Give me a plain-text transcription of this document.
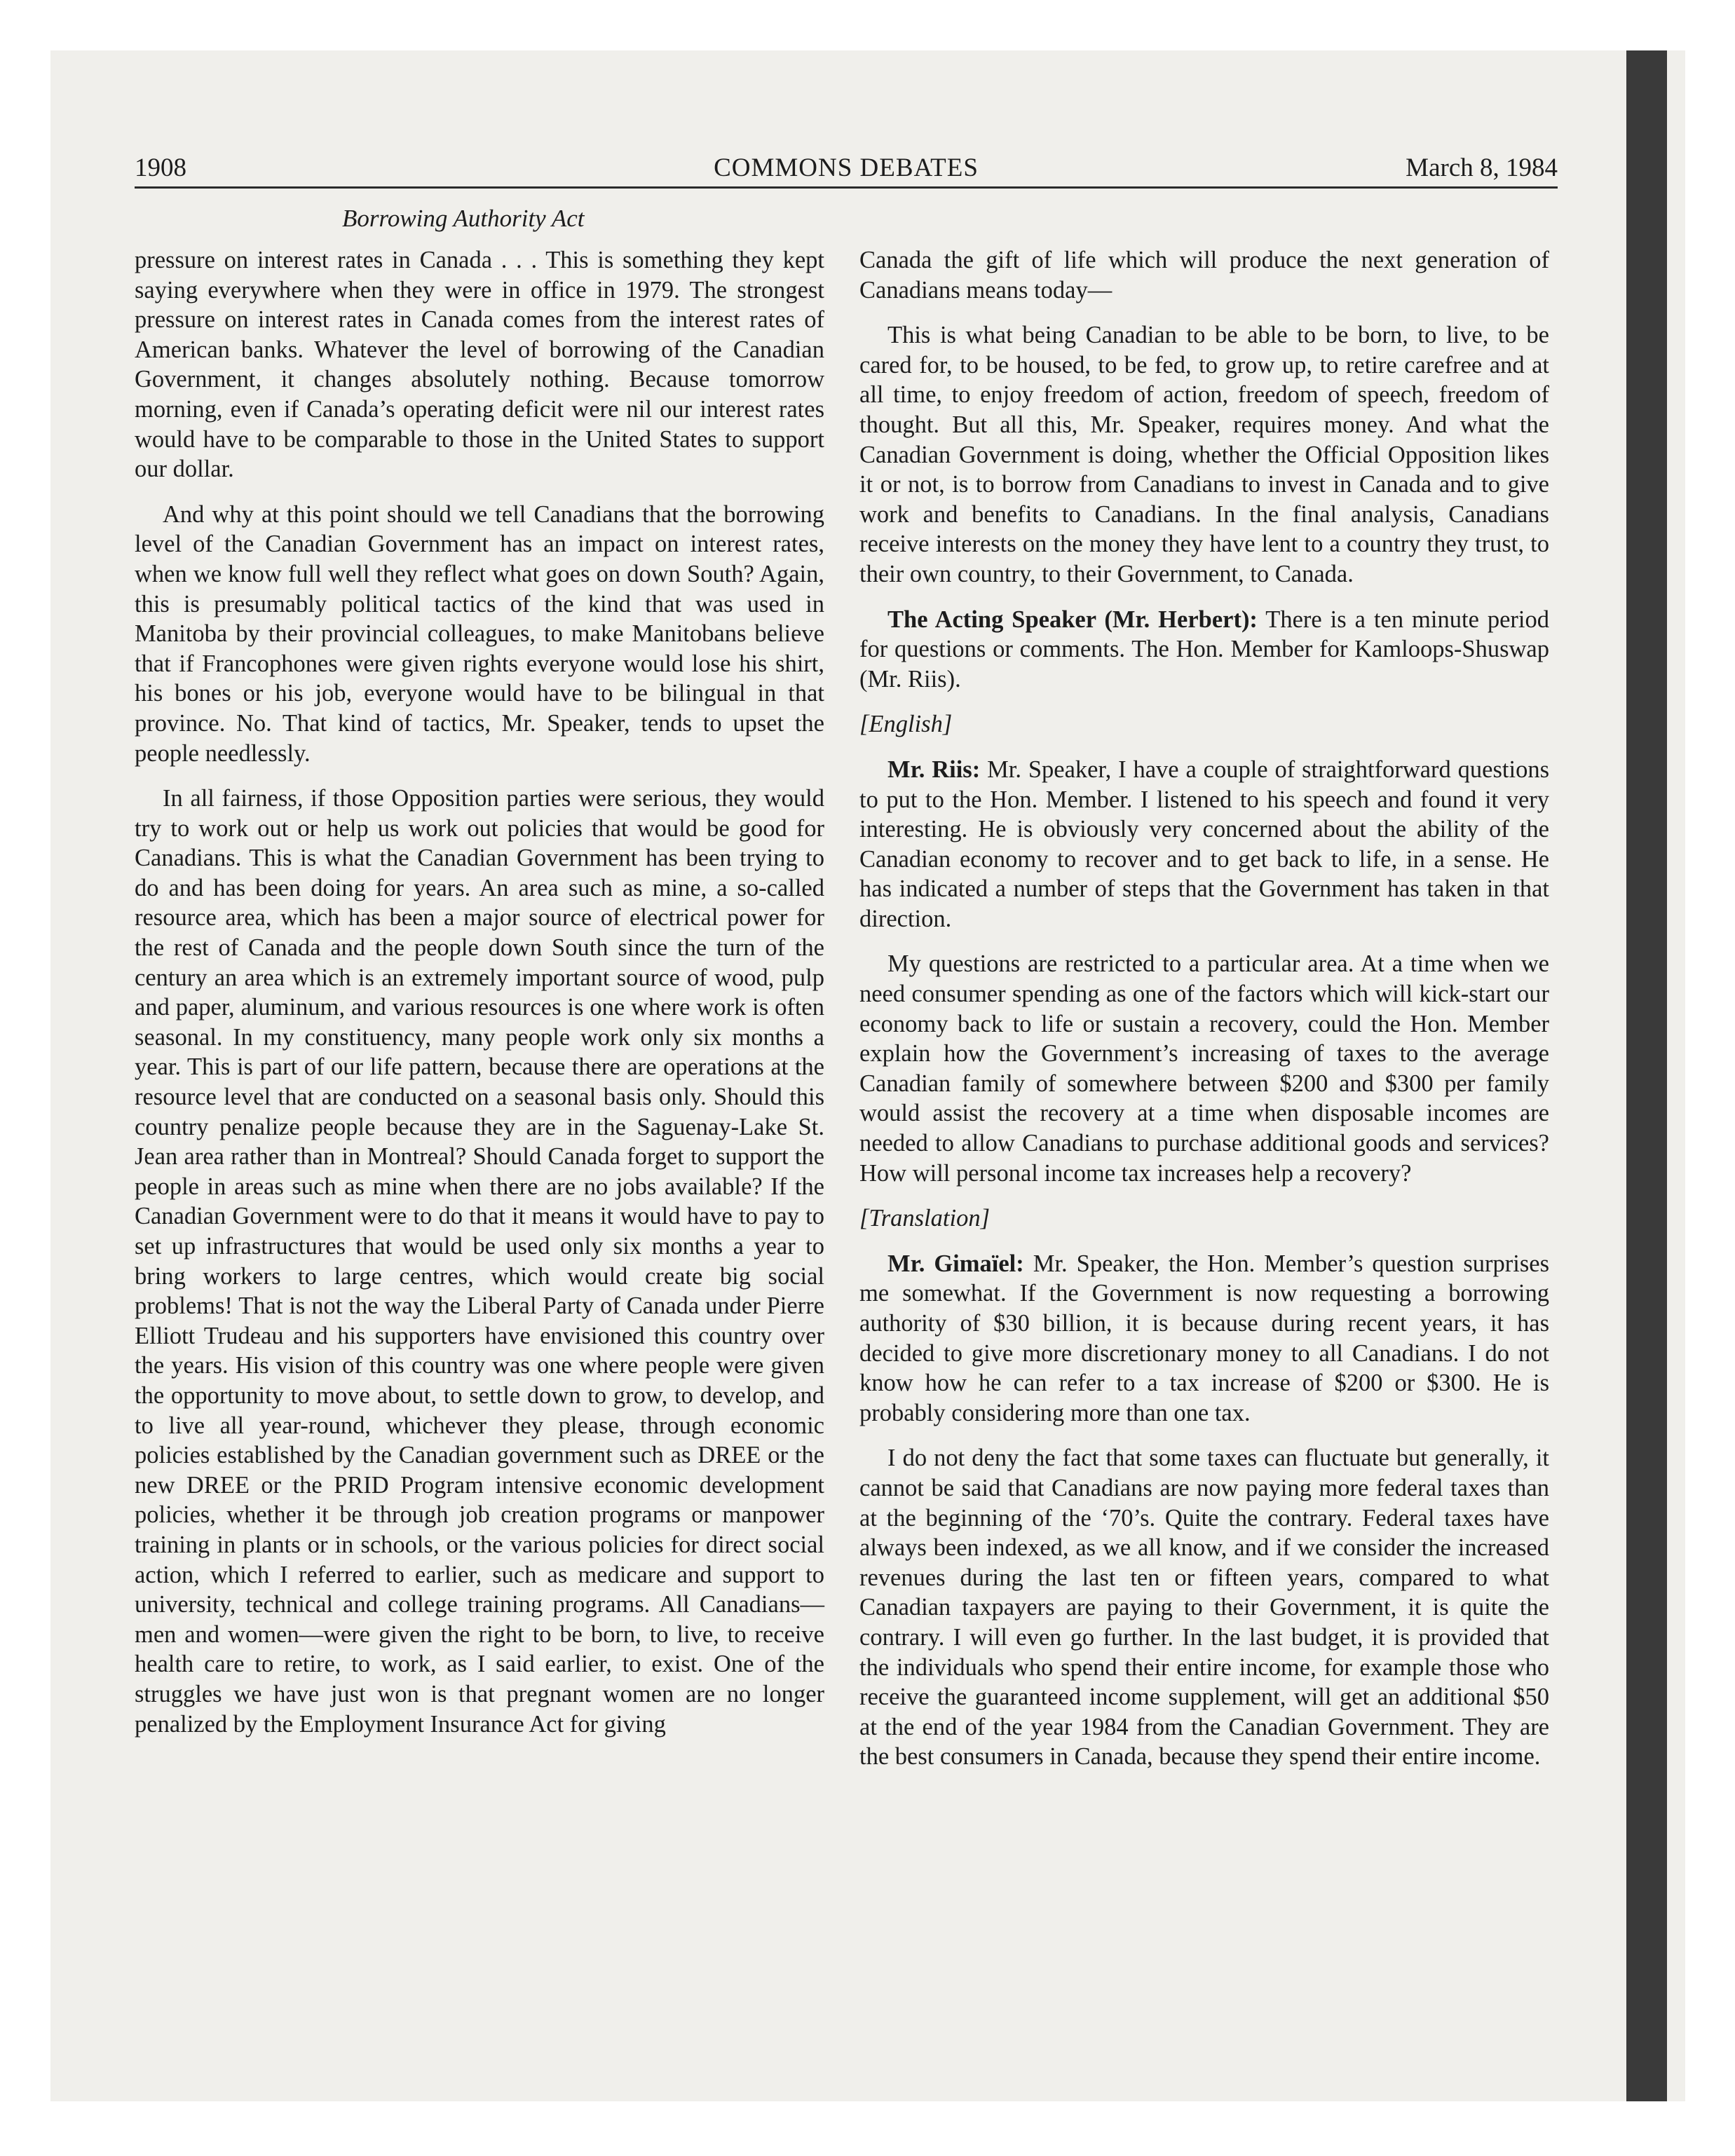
1908	COMMONS DEBATES	March 8, 1984
Borrowing Authority Act

pressure on interest rates in Canada . . . This is something they kept saying everywhere when they were in office in 1979. The strongest pressure on interest rates in Canada comes from the interest rates of American banks. Whatever the level of borrowing of the Canadian Government, it changes absolutely nothing. Because tomorrow morning, even if Canada’s operating deficit were nil our interest rates would have to be comparable to those in the United States to support our dollar.

And why at this point should we tell Canadians that the borrowing level of the Canadian Government has an impact on interest rates, when we know full well they reflect what goes on down South? Again, this is presumably political tactics of the kind that was used in Manitoba by their provincial colleagues, to make Manitobans believe that if Francophones were given rights everyone would lose his shirt, his bones or his job, everyone would have to be bilingual in that province. No. That kind of tactics, Mr. Speaker, tends to upset the people needlessly.

In all fairness, if those Opposition parties were serious, they would try to work out or help us work out policies that would be good for Canadians. This is what the Canadian Government has been trying to do and has been doing for years. An area such as mine, a so-called resource area, which has been a major source of electrical power for the rest of Canada and the people down South since the turn of the century an area which is an extremely important source of wood, pulp and paper, aluminum, and various resources is one where work is often seasonal. In my constituency, many people work only six months a year. This is part of our life pattern, because there are operations at the resource level that are conducted on a seasonal basis only. Should this country penalize people because they are in the Saguenay-Lake St. Jean area rather than in Montreal? Should Canada forget to support the people in areas such as mine when there are no jobs available? If the Canadian Government were to do that it means it would have to pay to set up infrastructures that would be used only six months a year to bring workers to large centres, which would create big social problems! That is not the way the Liberal Party of Canada under Pierre Elliott Trudeau and his supporters have envisioned this country over the years. His vision of this country was one where people were given the opportunity to move about, to settle down to grow, to develop, and to live all year-round, whichever they please, through economic policies established by the Canadian government such as DREE or the new DREE or the PRID Program intensive economic development policies, whether it be through job creation programs or manpower training in plants or in schools, or the various policies for direct social action, which I referred to earlier, such as medicare and support to university, technical and college training programs. All Canadians—men and women—were given the right to be born, to live, to receive health care to retire, to work, as I said earlier, to exist. One of the struggles we have just won is that pregnant women are no longer penalized by the Employment Insurance Act for giving

Canada the gift of life which will produce the next generation of Canadians means today—

This is what being Canadian to be able to be born, to live, to be cared for, to be housed, to be fed, to grow up, to retire carefree and at all time, to enjoy freedom of action, freedom of speech, freedom of thought. But all this, Mr. Speaker, requires money. And what the Canadian Government is doing, whether the Official Opposition likes it or not, is to borrow from Canadians to invest in Canada and to give work and benefits to Canadians. In the final analysis, Canadians receive interests on the money they have lent to a country they trust, to their own country, to their Government, to Canada.

The Acting Speaker (Mr. Herbert): There is a ten minute period for questions or comments. The Hon. Member for Kamloops-Shuswap (Mr. Riis).

[English]

Mr. Riis: Mr. Speaker, I have a couple of straightforward questions to put to the Hon. Member. I listened to his speech and found it very interesting. He is obviously very concerned about the ability of the Canadian economy to recover and to get back to life, in a sense. He has indicated a number of steps that the Government has taken in that direction.

My questions are restricted to a particular area. At a time when we need consumer spending as one of the factors which will kick-start our economy back to life or sustain a recovery, could the Hon. Member explain how the Government’s increasing of taxes to the average Canadian family of somewhere between $200 and $300 per family would assist the recovery at a time when disposable incomes are needed to allow Canadians to purchase additional goods and services? How will personal income tax increases help a recovery?

[Translation]

Mr. Gimaïel: Mr. Speaker, the Hon. Member’s question surprises me somewhat. If the Government is now requesting a borrowing authority of $30 billion, it is because during recent years, it has decided to give more discretionary money to all Canadians. I do not know how he can refer to a tax increase of $200 or $300. He is probably considering more than one tax.

I do not deny the fact that some taxes can fluctuate but generally, it cannot be said that Canadians are now paying more federal taxes than at the beginning of the ‘70’s. Quite the contrary. Federal taxes have always been indexed, as we all know, and if we consider the increased revenues during the last ten or fifteen years, compared to what Canadian taxpayers are paying to their Government, it is quite the contrary. I will even go further. In the last budget, it is provided that the individuals who spend their entire income, for example those who receive the guaranteed income supplement, will get an additional $50 at the end of the year 1984 from the Canadian Government. They are the best consumers in Canada, because they spend their entire income.
